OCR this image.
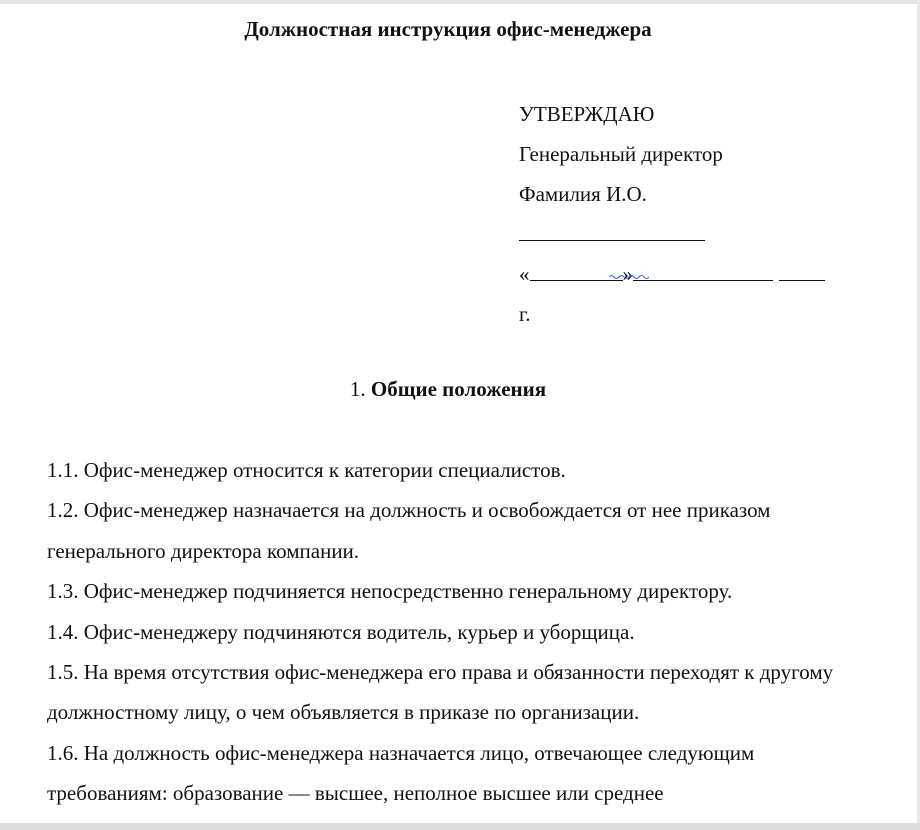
Должностная инструкция офис-менеджера
УТВЕРЖДАЮ
Генеральный директор
Фамилия И.О.
«	»
г.
1. Общие положения

1.1. Офис-менеджер относится к категории специалистов.

1.2. Офис-менеджер назначается на должность и освобождается от нее приказом генерального директора компании.

1.3. Офис-менеджер подчиняется непосредственно генеральному директору.

1.4. Офис-менеджеру подчиняются водитель, курьер и уборщица.

1.5. На время отсутствия офис-менеджера его права и обязанности переходят к другому должностному лицу, о чем объявляется в приказе по организации.

1.6. На должность офис-менеджера назначается лицо, отвечающее следующим требованиям: образование — высшее, неполное высшее или среднее
